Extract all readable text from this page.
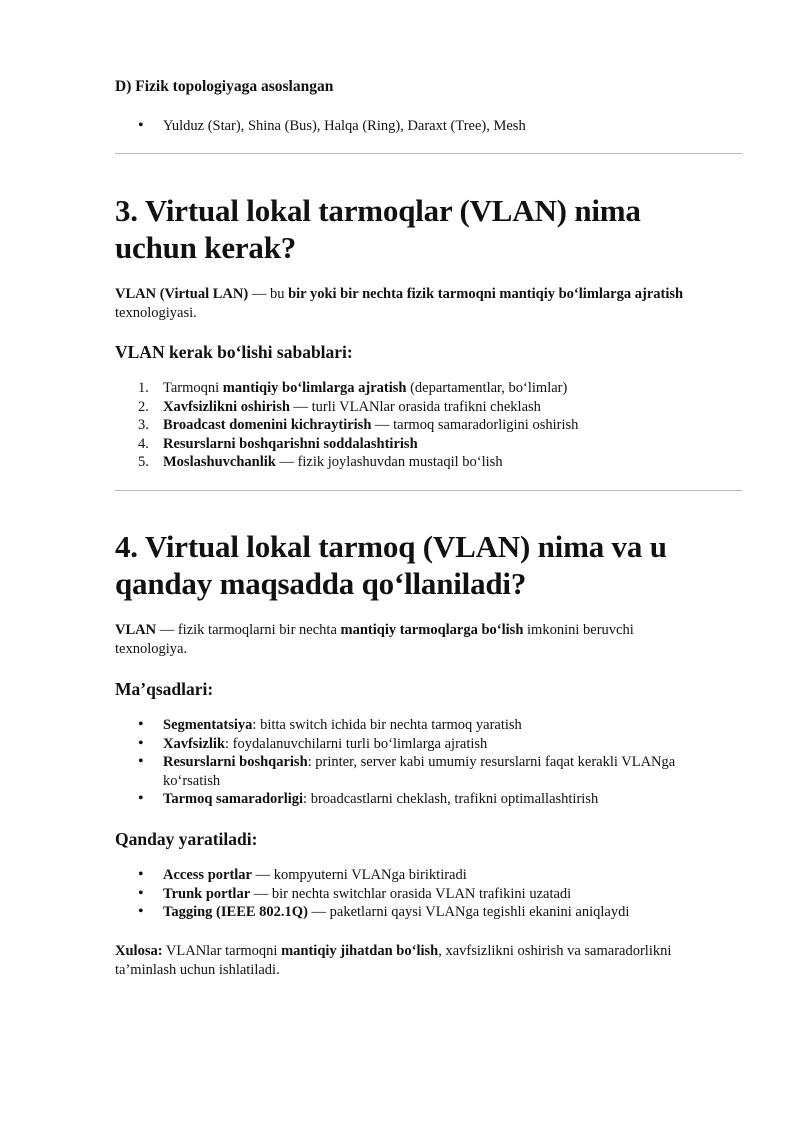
D) Fizik topologiyaga asoslangan

• Yulduz (Star), Shina (Bus), Halqa (Ring), Daraxt (Tree), Mesh

3. Virtual lokal tarmoqlar (VLAN) nima

uchun kerak?

VLAN (Virtual LAN) — bu bir yoki bir nechta fizik tarmoqni mantiqiy bo‘limlarga ajratish texnologiyasi.

VLAN kerak bo‘lishi sabablari:

1. Tarmoqni mantiqiy bo‘limlarga ajratish (departamentlar, bo‘limlar)
2. Xavfsizlikni oshirish — turli VLANlar orasida trafikni cheklash
3. Broadcast domenini kichraytirish — tarmoq samaradorligini oshirish
4. Resurslarni boshqarishni soddalashtirish
5. Moslashuvchanlik — fizik joylashuvdan mustaqil bo‘lish

4. Virtual lokal tarmoq (VLAN) nima va u

qanday maqsadda qo‘llaniladi?

VLAN — fizik tarmoqlarni bir nechta mantiqiy tarmoqlarga bo‘lish imkonini beruvchi

texnologiya.

Ma’qsadlari:

• Segmentatsiya: bitta switch ichida bir nechta tarmoq yaratish
• Xavfsizlik: foydalanuvchilarni turli bo‘limlarga ajratish
• Resurslarni boshqarish: printer, server kabi umumiy resurslarni faqat kerakli VLANga
ko‘rsatish
• Tarmoq samaradorligi: broadcastlarni cheklash, trafikni optimallashtirish

Qanday yaratiladi:

• Access portlar — kompyuterni VLANga biriktiradi
• Trunk portlar — bir nechta switchlar orasida VLAN trafikini uzatadi
• Tagging (IEEE 802.1Q) — paketlarni qaysi VLANga tegishli ekanini aniqlaydi

Xulosa: VLANlar tarmoqni mantiqiy jihatdan bo‘lish, xavfsizlikni oshirish va samaradorlikni

ta’minlash uchun ishlatiladi.
